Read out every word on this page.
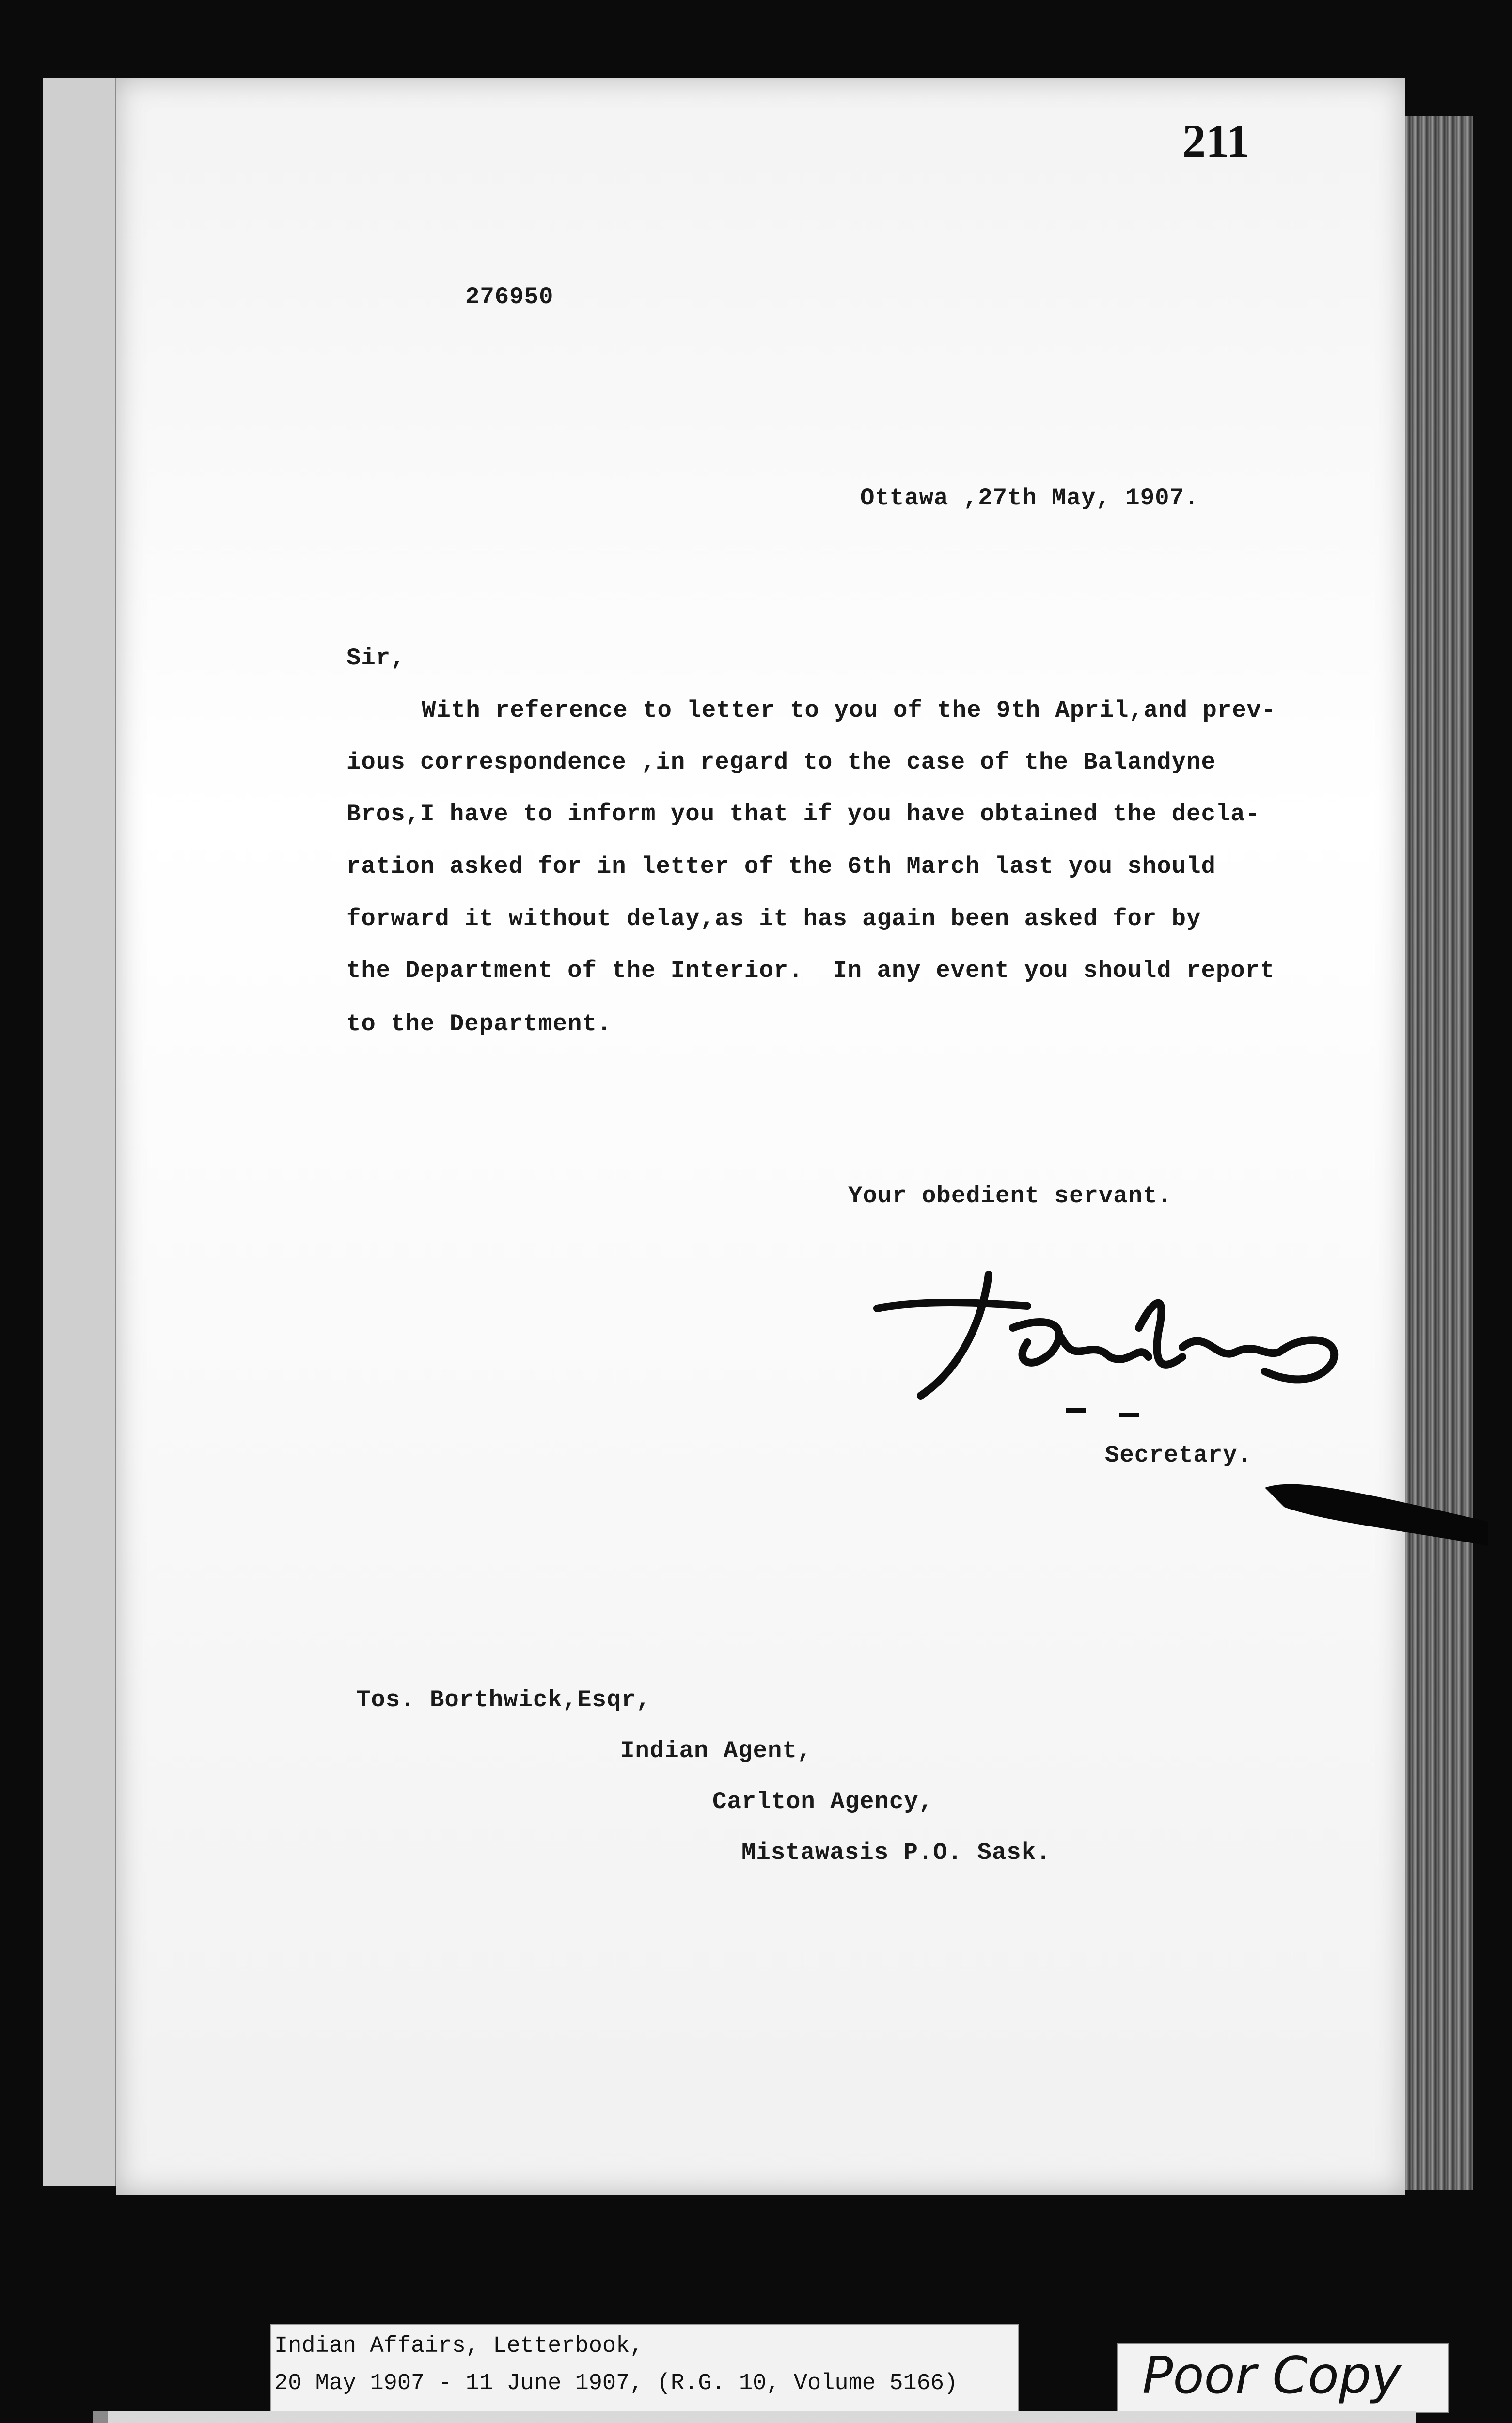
211
276950
Ottawa ,27th May, 1907.
Sir,
With reference to letter to you of the 9th April,and prev-
ious correspondence ,in regard to the case of the Balandyne
Bros,I have to inform you that if you have obtained the decla-
ration asked for in letter of the 6th March last you should
forward it without delay,as it has again been asked for by
the Department of the Interior.  In any event you should report
to the Department.
Your obedient servant.
Secretary.
Tos. Borthwick,Esqr,
Indian Agent,
Carlton Agency,
Mistawasis P.O. Sask.
Indian Affairs, Letterbook,
20 May 1907 - 11 June 1907, (R.G. 10, Volume 5166)	Poor Copy
